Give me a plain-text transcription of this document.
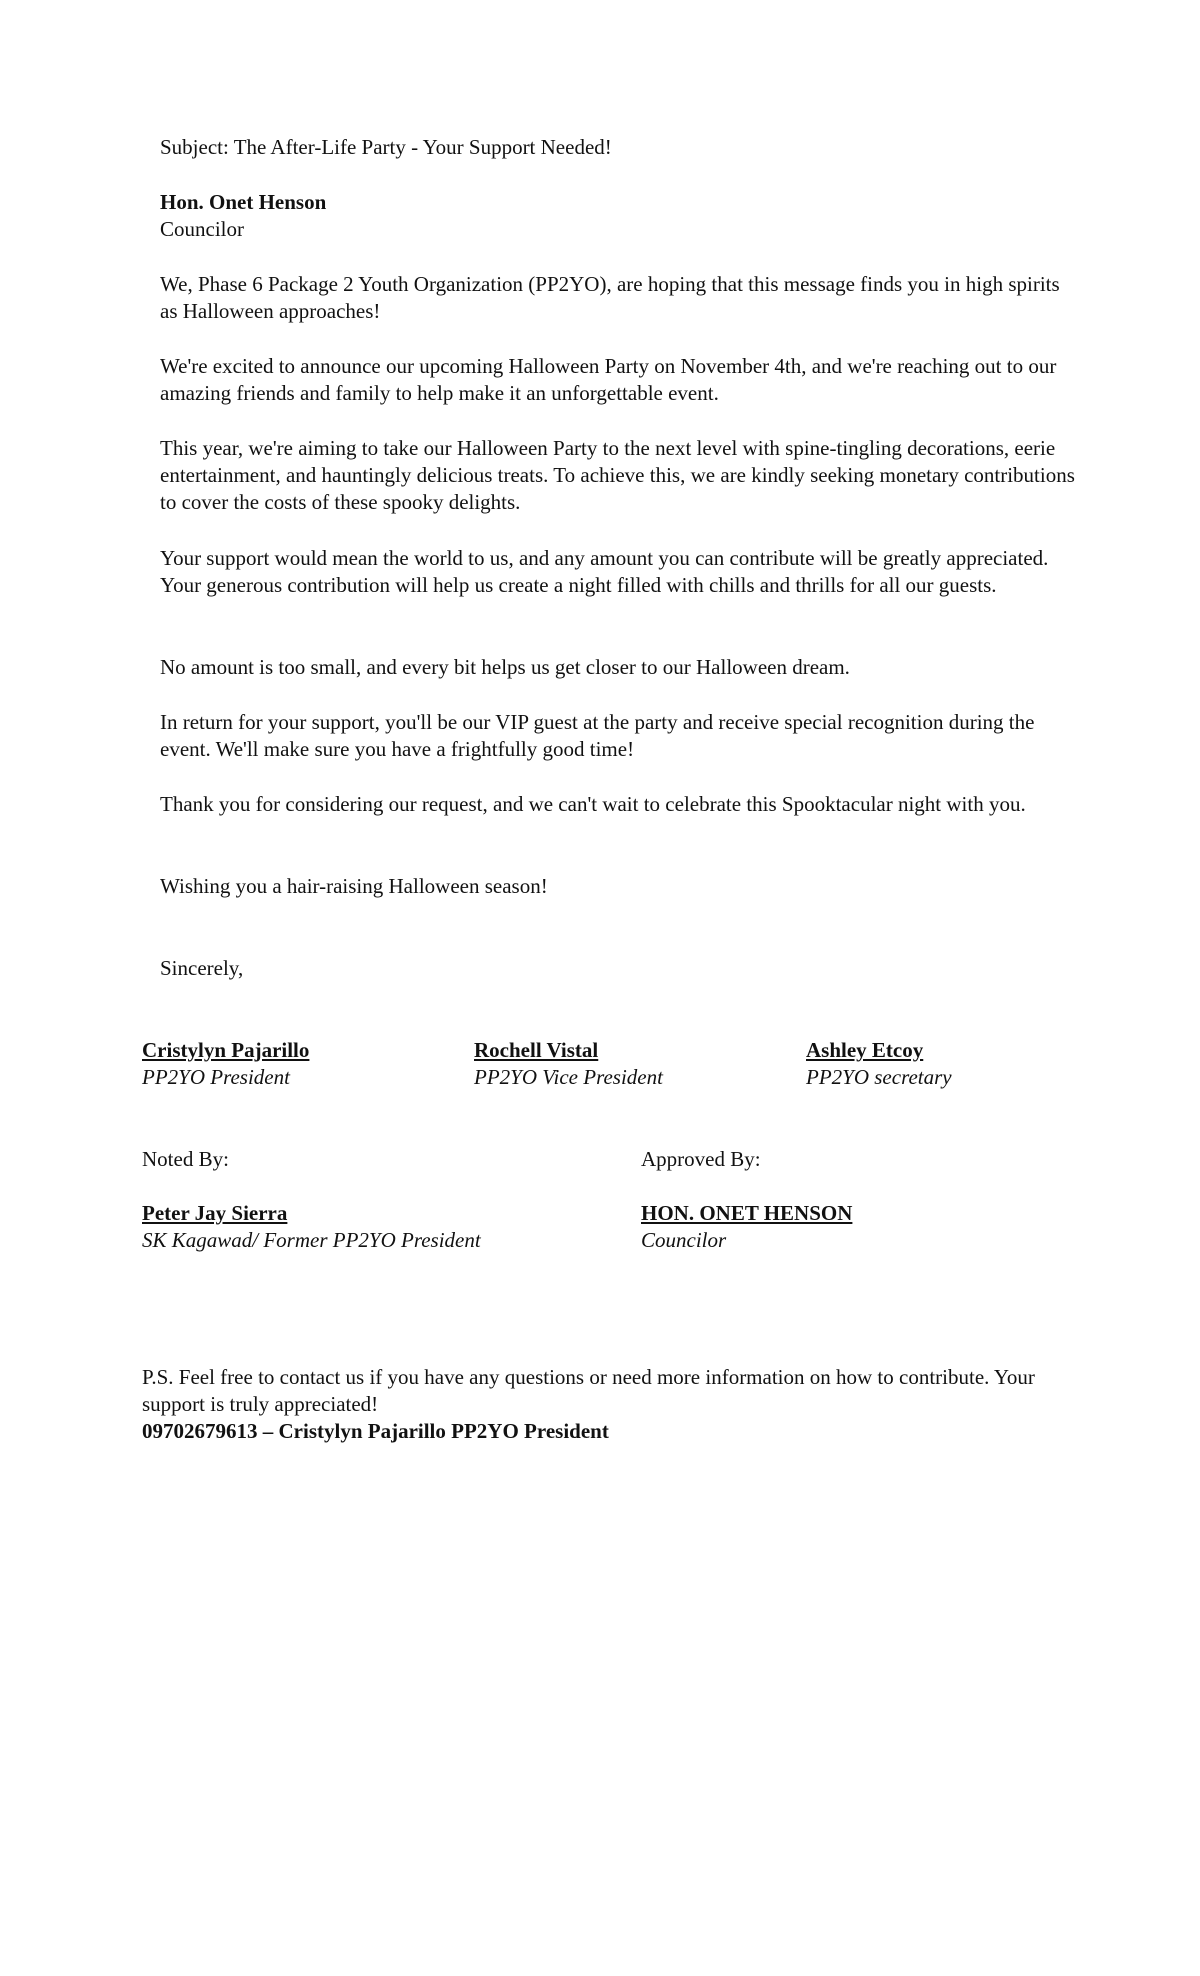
Subject: The After-Life Party - Your Support Needed!

Hon. Onet Henson

Councilor

We, Phase 6 Package 2 Youth Organization (PP2YO), are hoping that this message finds you in high spirits as Halloween approaches!

We're excited to announce our upcoming Halloween Party on November 4th, and we're reaching out to our amazing friends and family to help make it an unforgettable event.

This year, we're aiming to take our Halloween Party to the next level with spine-tingling decorations, eerie entertainment, and hauntingly delicious treats. To achieve this, we are kindly seeking monetary contributions to cover the costs of these spooky delights.

Your support would mean the world to us, and any amount you can contribute will be greatly appreciated. Your generous contribution will help us create a night filled with chills and thrills for all our guests.

No amount is too small, and every bit helps us get closer to our Halloween dream.

In return for your support, you'll be our VIP guest at the party and receive special recognition during the event. We'll make sure you have a frightfully good time!

Thank you for considering our request, and we can't wait to celebrate this Spooktacular night with you.

Wishing you a hair-raising Halloween season!

Sincerely,

Cristylyn Pajarillo
PP2YO President
Rochell Vistal
PP2YO Vice President
Ashley Etcoy
PP2YO secretary

Noted By:	Approved By:

Peter Jay Sierra
SK Kagawad/ Former PP2YO President
HON. ONET HENSON
Councilor

P.S. Feel free to contact us if you have any questions or need more information on how to contribute. Your support is truly appreciated!

09702679613 – Cristylyn Pajarillo PP2YO President
